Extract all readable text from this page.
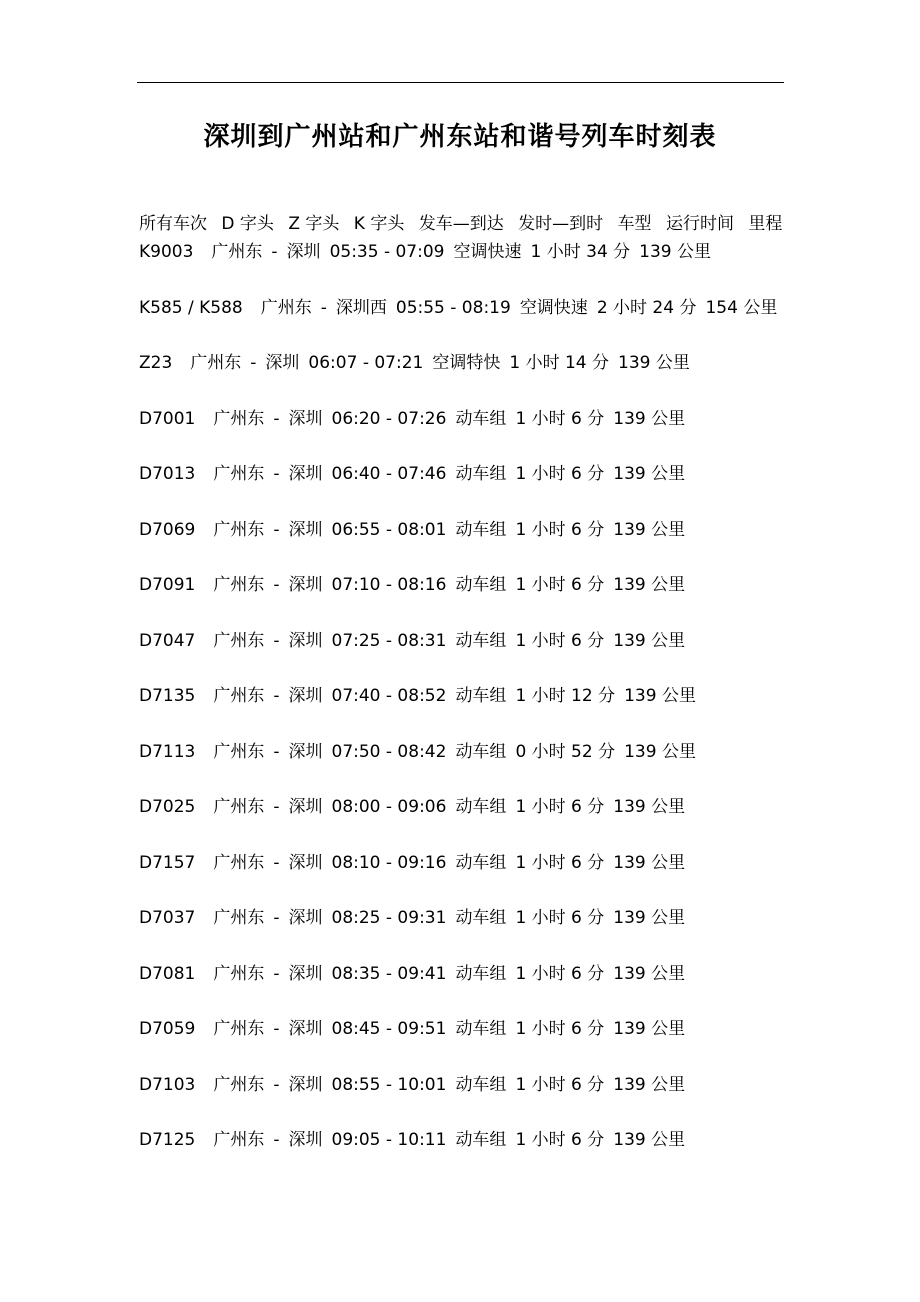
深圳到广州站和广州东站和谐号列车时刻表
所有车次 D 字头 Z 字头 K 字头 发车—到达 发时—到时 车型 运行时间 里程
K9003 广州东 - 深圳 05:35 - 07:09 空调快速 1 小时 34 分 139 公里
K585 / K588 广州东 - 深圳西 05:55 - 08:19 空调快速 2 小时 24 分 154 公里
Z23 广州东 - 深圳 06:07 - 07:21 空调特快 1 小时 14 分 139 公里
D7001 广州东 - 深圳 06:20 - 07:26 动车组 1 小时 6 分 139 公里
D7013 广州东 - 深圳 06:40 - 07:46 动车组 1 小时 6 分 139 公里
D7069 广州东 - 深圳 06:55 - 08:01 动车组 1 小时 6 分 139 公里
D7091 广州东 - 深圳 07:10 - 08:16 动车组 1 小时 6 分 139 公里
D7047 广州东 - 深圳 07:25 - 08:31 动车组 1 小时 6 分 139 公里
D7135 广州东 - 深圳 07:40 - 08:52 动车组 1 小时 12 分 139 公里
D7113 广州东 - 深圳 07:50 - 08:42 动车组 0 小时 52 分 139 公里
D7025 广州东 - 深圳 08:00 - 09:06 动车组 1 小时 6 分 139 公里
D7157 广州东 - 深圳 08:10 - 09:16 动车组 1 小时 6 分 139 公里
D7037 广州东 - 深圳 08:25 - 09:31 动车组 1 小时 6 分 139 公里
D7081 广州东 - 深圳 08:35 - 09:41 动车组 1 小时 6 分 139 公里
D7059 广州东 - 深圳 08:45 - 09:51 动车组 1 小时 6 分 139 公里
D7103 广州东 - 深圳 08:55 - 10:01 动车组 1 小时 6 分 139 公里
D7125 广州东 - 深圳 09:05 - 10:11 动车组 1 小时 6 分 139 公里
